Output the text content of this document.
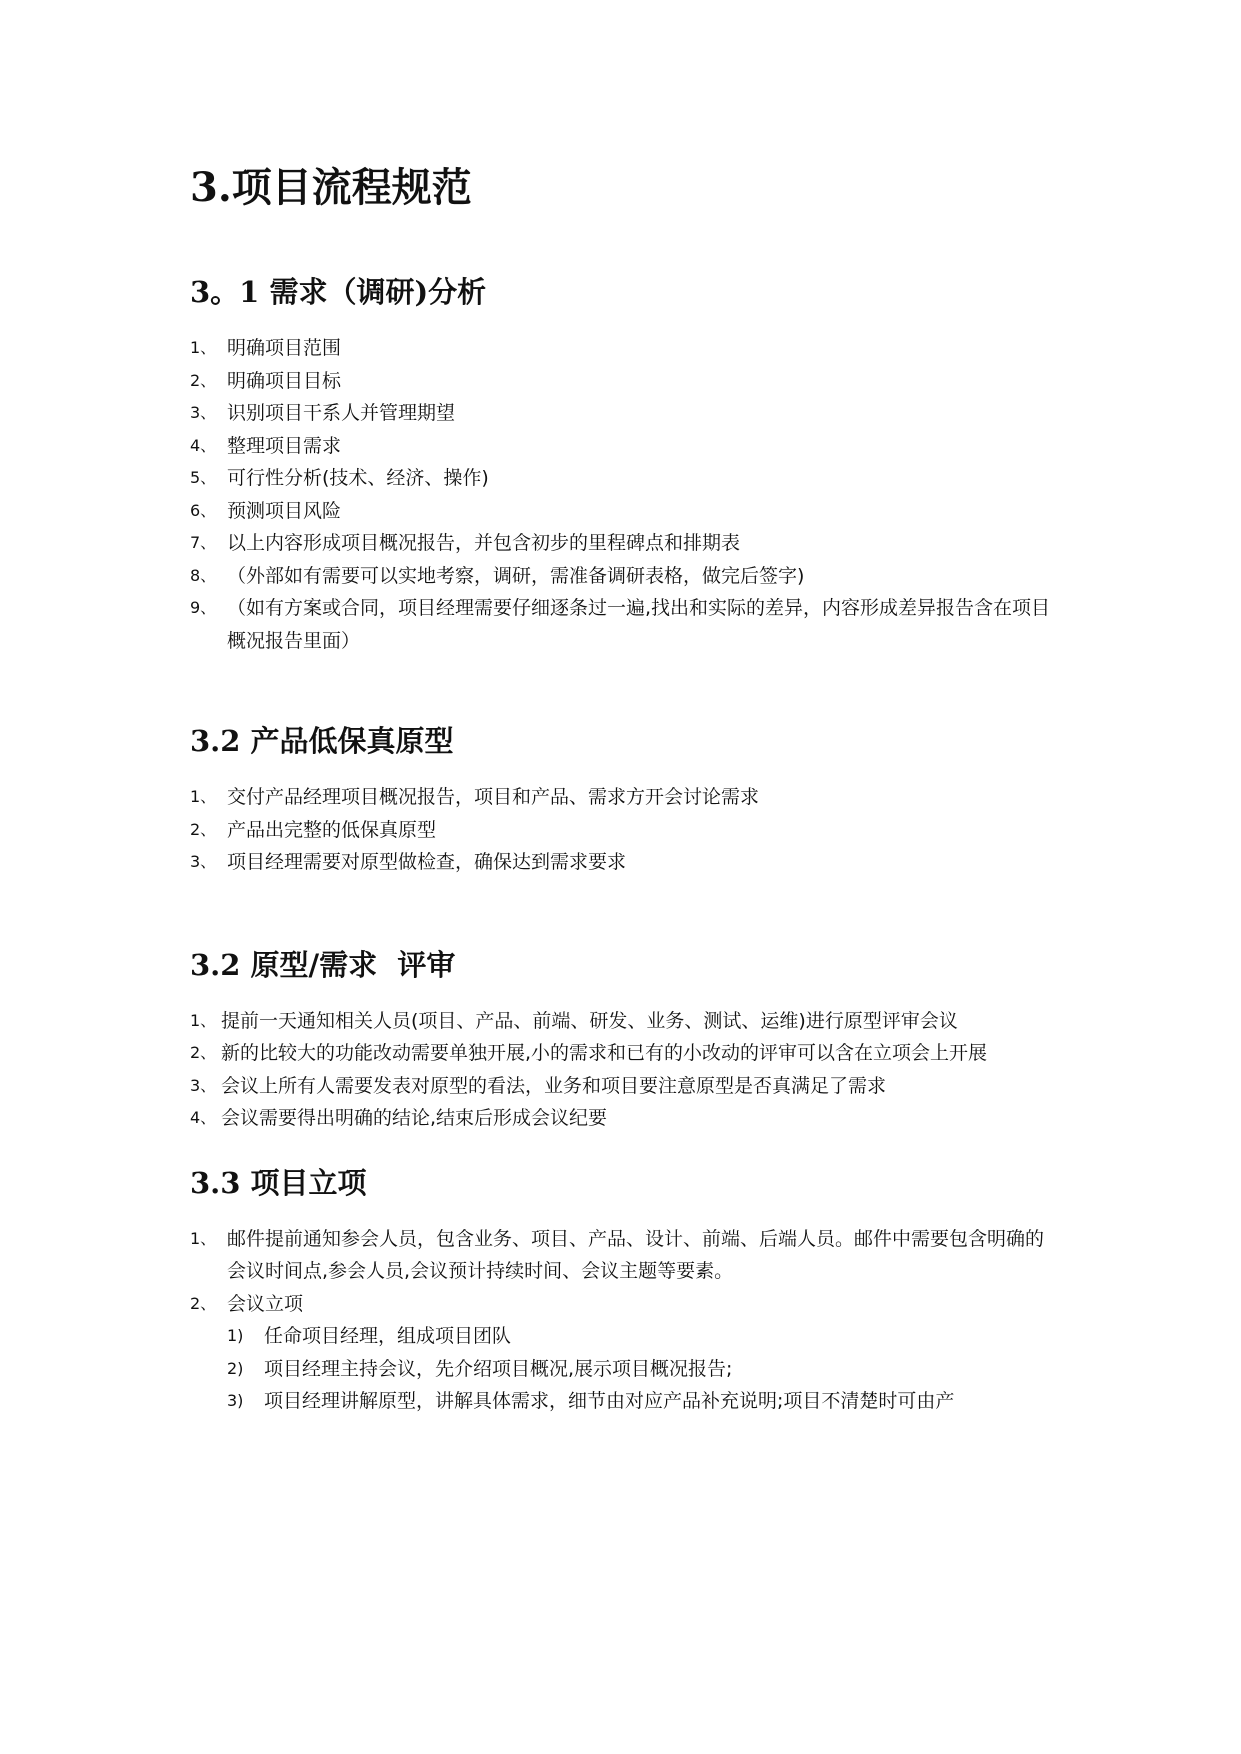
3.项目流程规范
3。1 需求（调研)分析
1、 明确项目范围
2、 明确项目目标
3、 识别项目干系人并管理期望
4、 整理项目需求
5、 可行性分析(技术、经济、操作)
6、 预测项目风险
7、 以上内容形成项目概况报告，并包含初步的里程碑点和排期表
8、 （外部如有需要可以实地考察，调研，需准备调研表格，做完后签字)
9、 （如有方案或合同，项目经理需要仔细逐条过一遍,找出和实际的差异，内容形成差异报告含在项目概况报告里面）
3.2 产品低保真原型
1、 交付产品经理项目概况报告，项目和产品、需求方开会讨论需求
2、 产品出完整的低保真原型
3、 项目经理需要对原型做检查，确保达到需求要求
3.2 原型/需求  评审
1、 提前一天通知相关人员(项目、产品、前端、研发、业务、测试、运维)进行原型评审会议
2、 新的比较大的功能改动需要单独开展,小的需求和已有的小改动的评审可以含在立项会上开展
3、 会议上所有人需要发表对原型的看法，业务和项目要注意原型是否真满足了需求
4、 会议需要得出明确的结论,结束后形成会议纪要
3.3 项目立项
1、 邮件提前通知参会人员，包含业务、项目、产品、设计、前端、后端人员。邮件中需要包含明确的会议时间点,参会人员,会议预计持续时间、会议主题等要素。
2、 会议立项
1)	任命项目经理，组成项目团队
2)	项目经理主持会议，先介绍项目概况,展示项目概况报告;
3)	项目经理讲解原型，讲解具体需求，细节由对应产品补充说明;项目不清楚时可由产
